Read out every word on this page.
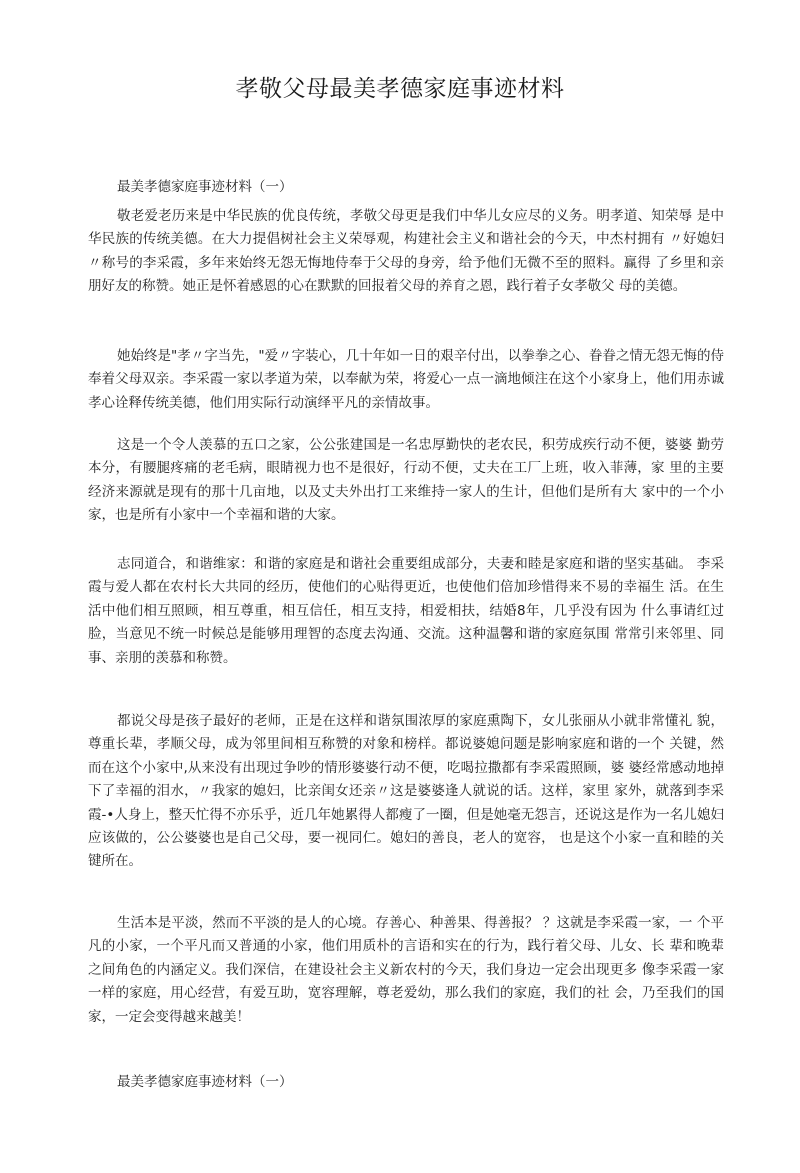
孝敬父母最美孝德家庭事迹材料

最美孝德家庭事迹材料（一）

敬老爱老历来是中华民族的优良传统，孝敬父母更是我们中华儿女应尽的义务。明孝道、知荣辱 是中华民族的传统美德。在大力提倡树社会主义荣辱观，构建社会主义和谐社会的今天，中杰村拥有 〃好媳妇〃称号的李采霞，多年来始终无怨无悔地侍奉于父母的身旁，给予他们无微不至的照料。赢得 了乡里和亲朋好友的称赞。她正是怀着感恩的心在默默的回报着父母的养育之恩，践行着子女孝敬父 母的美德。

她始终是"孝〃字当先，"爱〃字装心，几十年如一日的艰辛付出，以拳拳之心、眷眷之情无怨无悔的侍奉着父母双亲。李采霞一家以孝道为荣，以奉献为荣，将爱心一点一滴地倾注在这个小家身上，他们用赤诚孝心诠释传统美德，他们用实际行动演绎平凡的亲情故事。

这是一个令人羡慕的五口之家，公公张建国是一名忠厚勤快的老农民，积劳成疾行动不便，婆婆 勤劳本分，有腰腿疼痛的老毛病，眼睛视力也不是很好，行动不便，丈夫在工厂上班，收入菲薄，家 里的主要经济来源就是现有的那十几亩地，以及丈夫外出打工来维持一家人的生计，但他们是所有大 家中的一个小家，也是所有小家中一个幸福和谐的大家。

志同道合，和谐维家：和谐的家庭是和谐社会重要组成部分，夫妻和睦是家庭和谐的坚实基础。 李采霞与爱人都在农村长大共同的经历，使他们的心贴得更近，也使他们倍加珍惜得来不易的幸福生 活。在生活中他们相互照顾，相互尊重，相互信任，相互支持，相爱相扶，结婚8年，几乎没有因为 什么事请红过脸，当意见不统一时候总是能够用理智的态度去沟通、交流。这种温馨和谐的家庭氛围 常常引来邻里、同事、亲朋的羡慕和称赞。

都说父母是孩子最好的老师，正是在这样和谐氛围浓厚的家庭熏陶下，女儿张丽从小就非常懂礼 貌，尊重长辈，孝顺父母，成为邻里间相互称赞的对象和榜样。都说婆媳问题是影响家庭和谐的一个 关键，然而在这个小家中,从来没有出现过争吵的情形婆婆行动不便，吃喝拉撒都有李采霞照顾，婆 婆经常感动地掉下了幸福的泪水，〃我家的媳妇，比亲闺女还亲〃这是婆婆逢人就说的话。这样，家里 家外，就落到李采霞-•人身上，整天忙得不亦乐乎，近几年她累得人都瘦了一圈，但是她毫无怨言，还说这是作为一名儿媳妇应该做的，公公婆婆也是自己父母，要一视同仁。媳妇的善良，老人的宽容， 也是这个小家一直和睦的关键所在。

生活本是平淡，然而不平淡的是人的心境。存善心、种善果、得善报？ ？这就是李采霞一家，一 个平凡的小家，一个平凡而又普通的小家，他们用质朴的言语和实在的行为，践行着父母、儿女、长 辈和晚辈之间角色的内涵定义。我们深信，在建设社会主义新农村的今天，我们身边一定会出现更多 像李采霞一家一样的家庭，用心经营，有爱互助，宽容理解，尊老爱幼，那么我们的家庭，我们的社 会，乃至我们的国家，一定会变得越来越美！

最美孝德家庭事迹材料（一）
